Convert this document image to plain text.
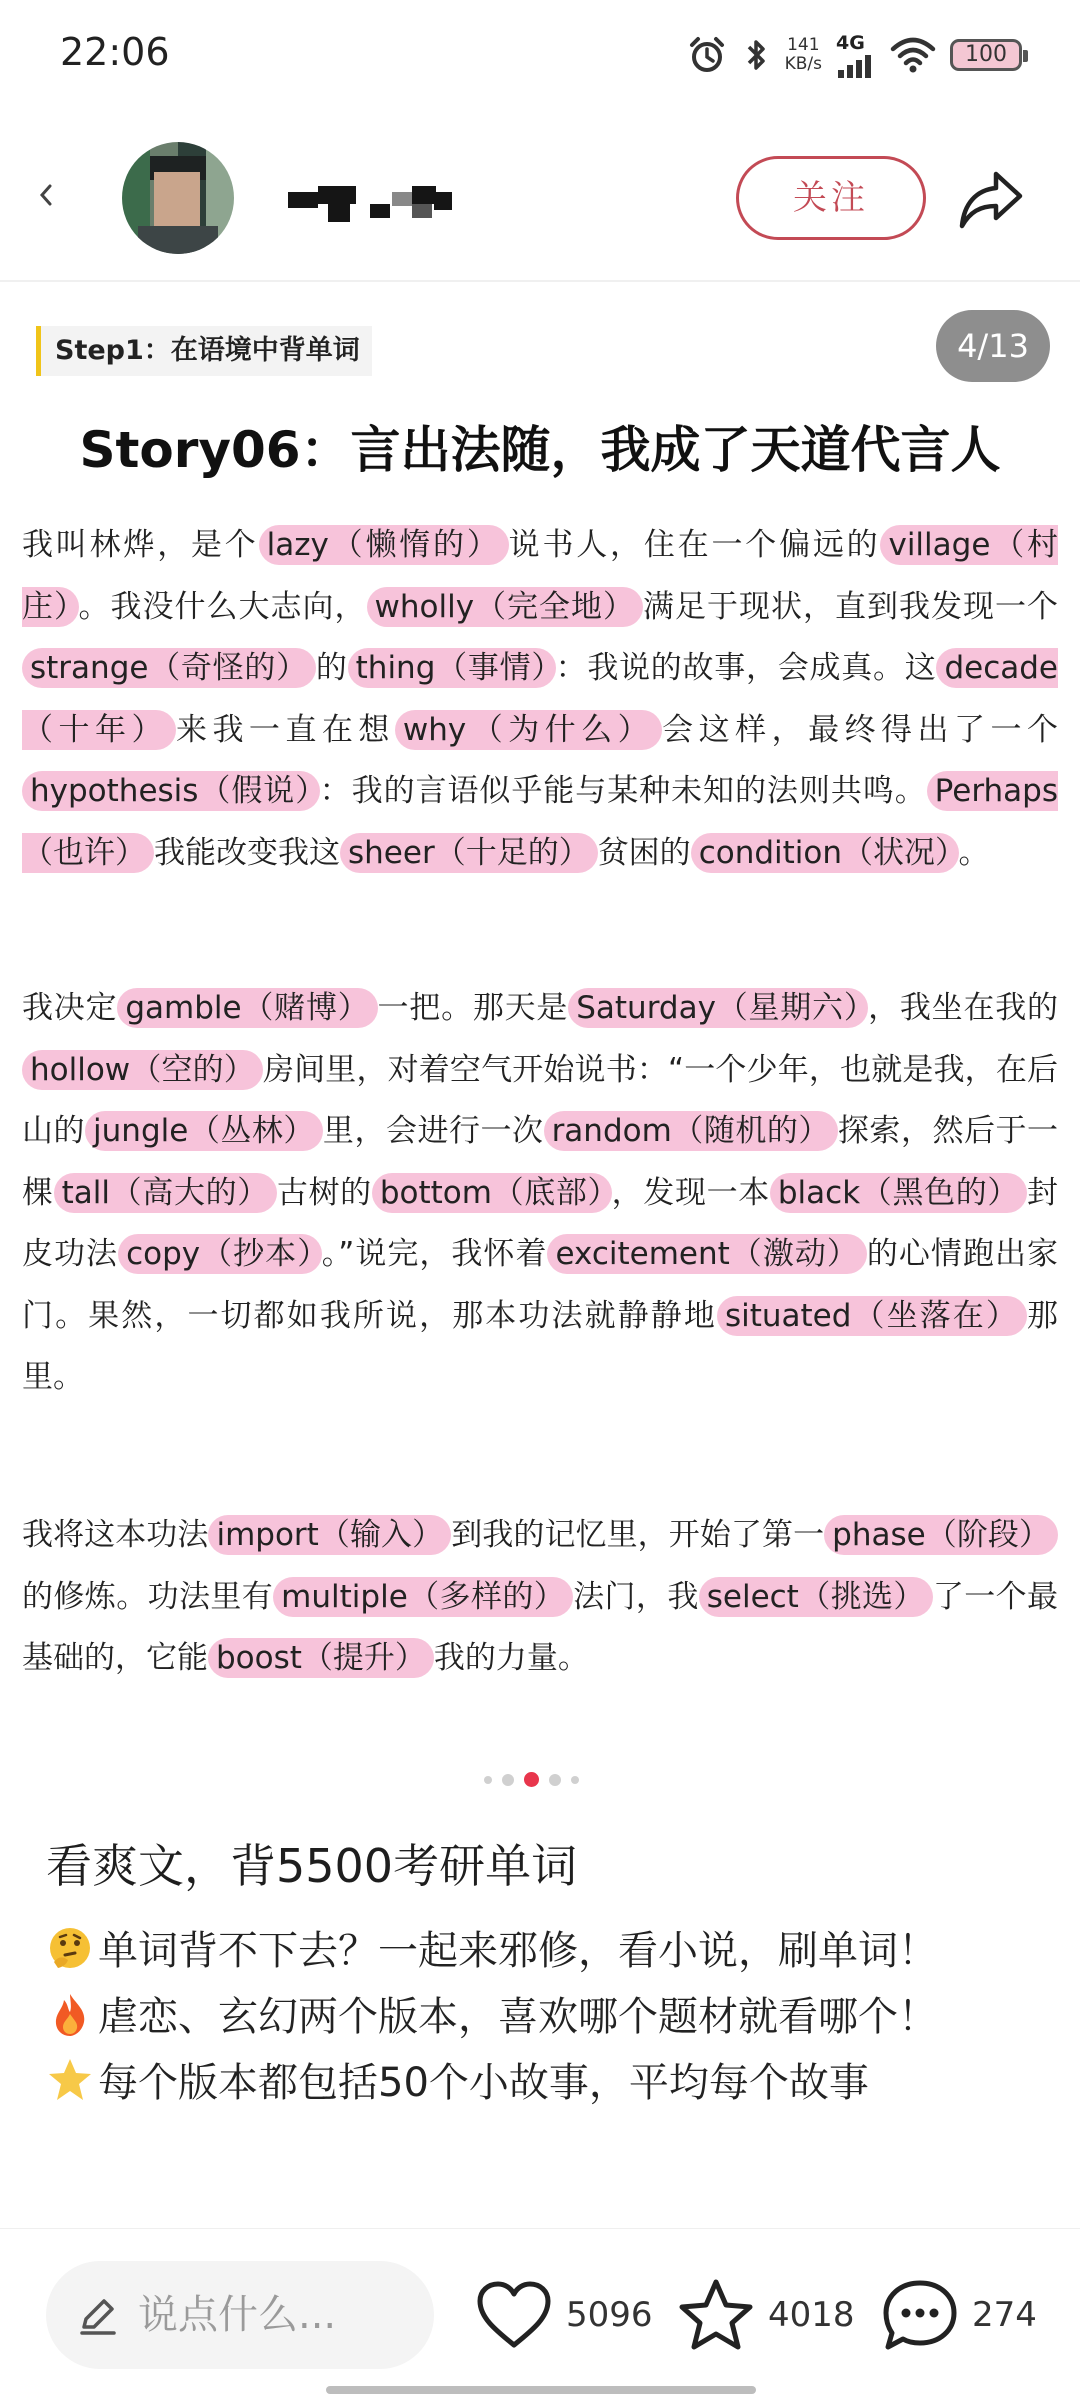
22:06	141
KB/s
4G	100
关注
Step1：在语境中背单词	4/13
Story06：言出法随，我成了天道代言人
我叫林烨，是个 lazy（懒惰的） 说书人，住在一个偏远的 village（村庄） 。我没什么大志向， wholly（完全地） 满足于现状，直到我发现一个strange（奇怪的） 的 thing（事情） ：我说的故事，会成真。这 decade（十年） 来我一直在想 why（为什么） 会这样，最终得出了一个hypothesis（假说） ：我的言语似乎能与某种未知的法则共鸣。 Perhaps（也许） 我能改变我这 sheer（十足的） 贫困的 condition（状况） 。
我决定 gamble（赌博） 一把。那天是 Saturday（星期六） ，我坐在我的hollow（空的） 房间里，对着空气开始说书：“一个少年，也就是我，在后山的 jungle（丛林） 里，会进行一次 random（随机的） 探索，然后于一棵 tall（高大的） 古树的 bottom（底部） ，发现一本 black（黑色的） 封皮功法 copy（抄本） 。”说完，我怀着 excitement（激动） 的心情跑出家门。果然，一切都如我所说，那本功法就静静地 situated（坐落在） 那里。
我将这本功法 import（输入） 到我的记忆里，开始了第一 phase（阶段）的修炼。功法里有 multiple（多样的） 法门，我 select（挑选） 了一个最基础的，它能 boost（提升） 我的力量。
看爽文，背5500考研单词

单词背不下去？一起来邪修，看小说，刷单词！

虐恋、玄幻两个版本，喜欢哪个题材就看哪个！

每个版本都包括50个小故事，平均每个故事

说点什么...	5096	4018	274
